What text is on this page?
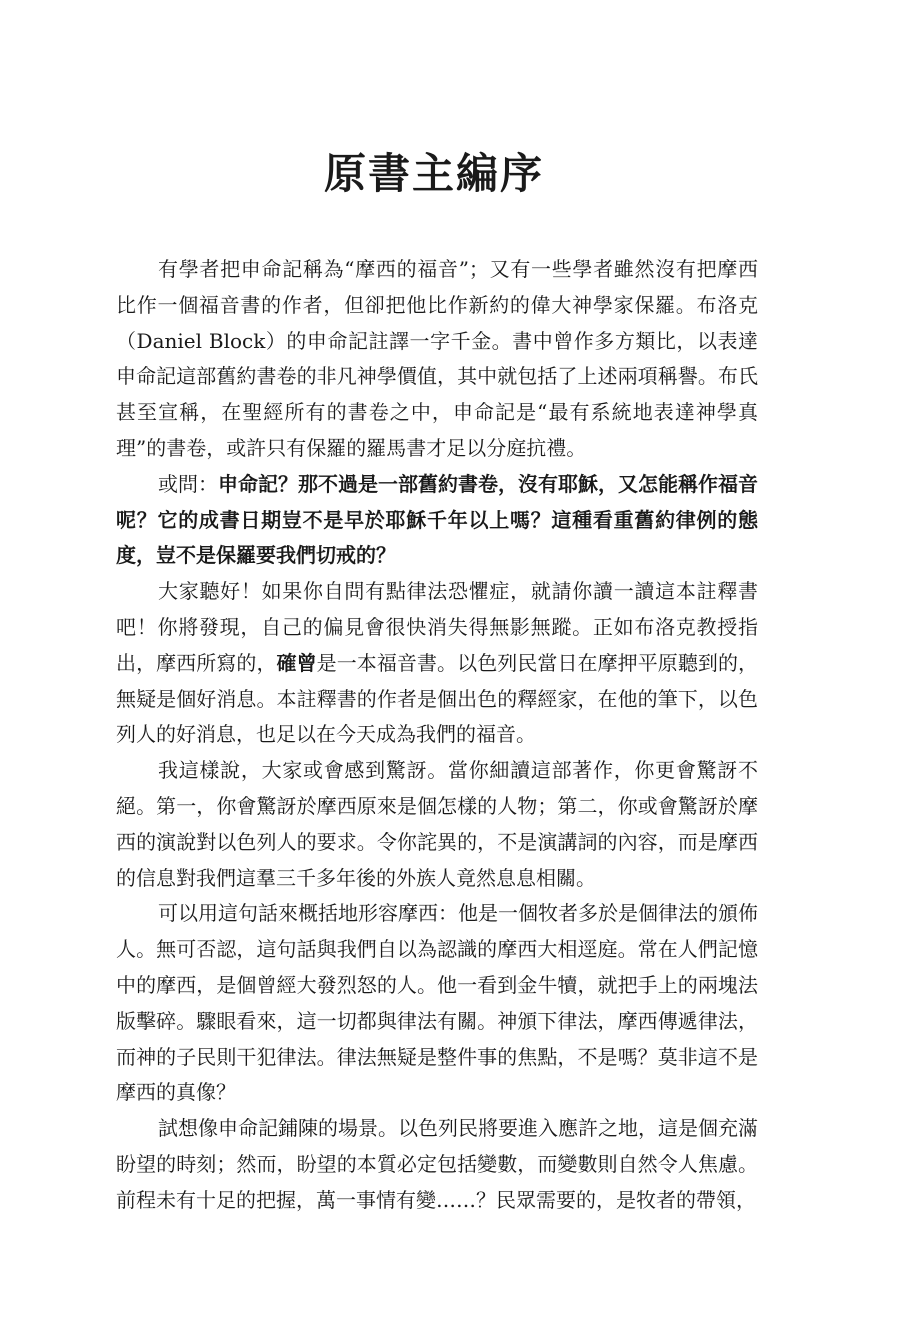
原書主編序

有學者把申命記稱為“摩西的福音”；又有一些學者雖然沒有把摩西比作一個福音書的作者，但卻把他比作新約的偉大神學家保羅。布洛克（Daniel Block）的申命記註譯一字千金。書中曾作多方類比，以表達申命記這部舊約書卷的非凡神學價值，其中就包括了上述兩項稱譽。布氏甚至宣稱，在聖經所有的書卷之中，申命記是“最有系統地表達神學真理”的書卷，或許只有保羅的羅馬書才足以分庭抗禮。

或問：申命記？那不過是一部舊約書卷，沒有耶穌，又怎能稱作福音呢？它的成書日期豈不是早於耶穌千年以上嗎？這種看重舊約律例的態度，豈不是保羅要我們切戒的？

大家聽好！如果你自問有點律法恐懼症，就請你讀一讀這本註釋書吧！你將發現，自己的偏見會很快消失得無影無蹤。正如布洛克教授指出，摩西所寫的，確曾是一本福音書。以色列民當日在摩押平原聽到的，無疑是個好消息。本註釋書的作者是個出色的釋經家，在他的筆下，以色列人的好消息，也足以在今天成為我們的福音。

我這樣說，大家或會感到驚訝。當你細讀這部著作，你更會驚訝不絕。第一，你會驚訝於摩西原來是個怎樣的人物；第二，你或會驚訝於摩西的演說對以色列人的要求。令你詫異的，不是演講詞的內容，而是摩西的信息對我們這羣三千多年後的外族人竟然息息相關。

可以用這句話來概括地形容摩西：他是一個牧者多於是個律法的頒佈人。無可否認，這句話與我們自以為認識的摩西大相逕庭。常在人們記憶中的摩西，是個曾經大發烈怒的人。他一看到金牛犢，就把手上的兩塊法版擊碎。驟眼看來，這一切都與律法有關。神頒下律法，摩西傳遞律法，而神的子民則干犯律法。律法無疑是整件事的焦點，不是嗎？莫非這不是摩西的真像？

試想像申命記鋪陳的場景。以色列民將要進入應許之地，這是個充滿盼望的時刻；然而，盼望的本質必定包括變數，而變數則自然令人焦慮。前程未有十足的把握，萬一事情有變……？民眾需要的，是牧者的帶領，
